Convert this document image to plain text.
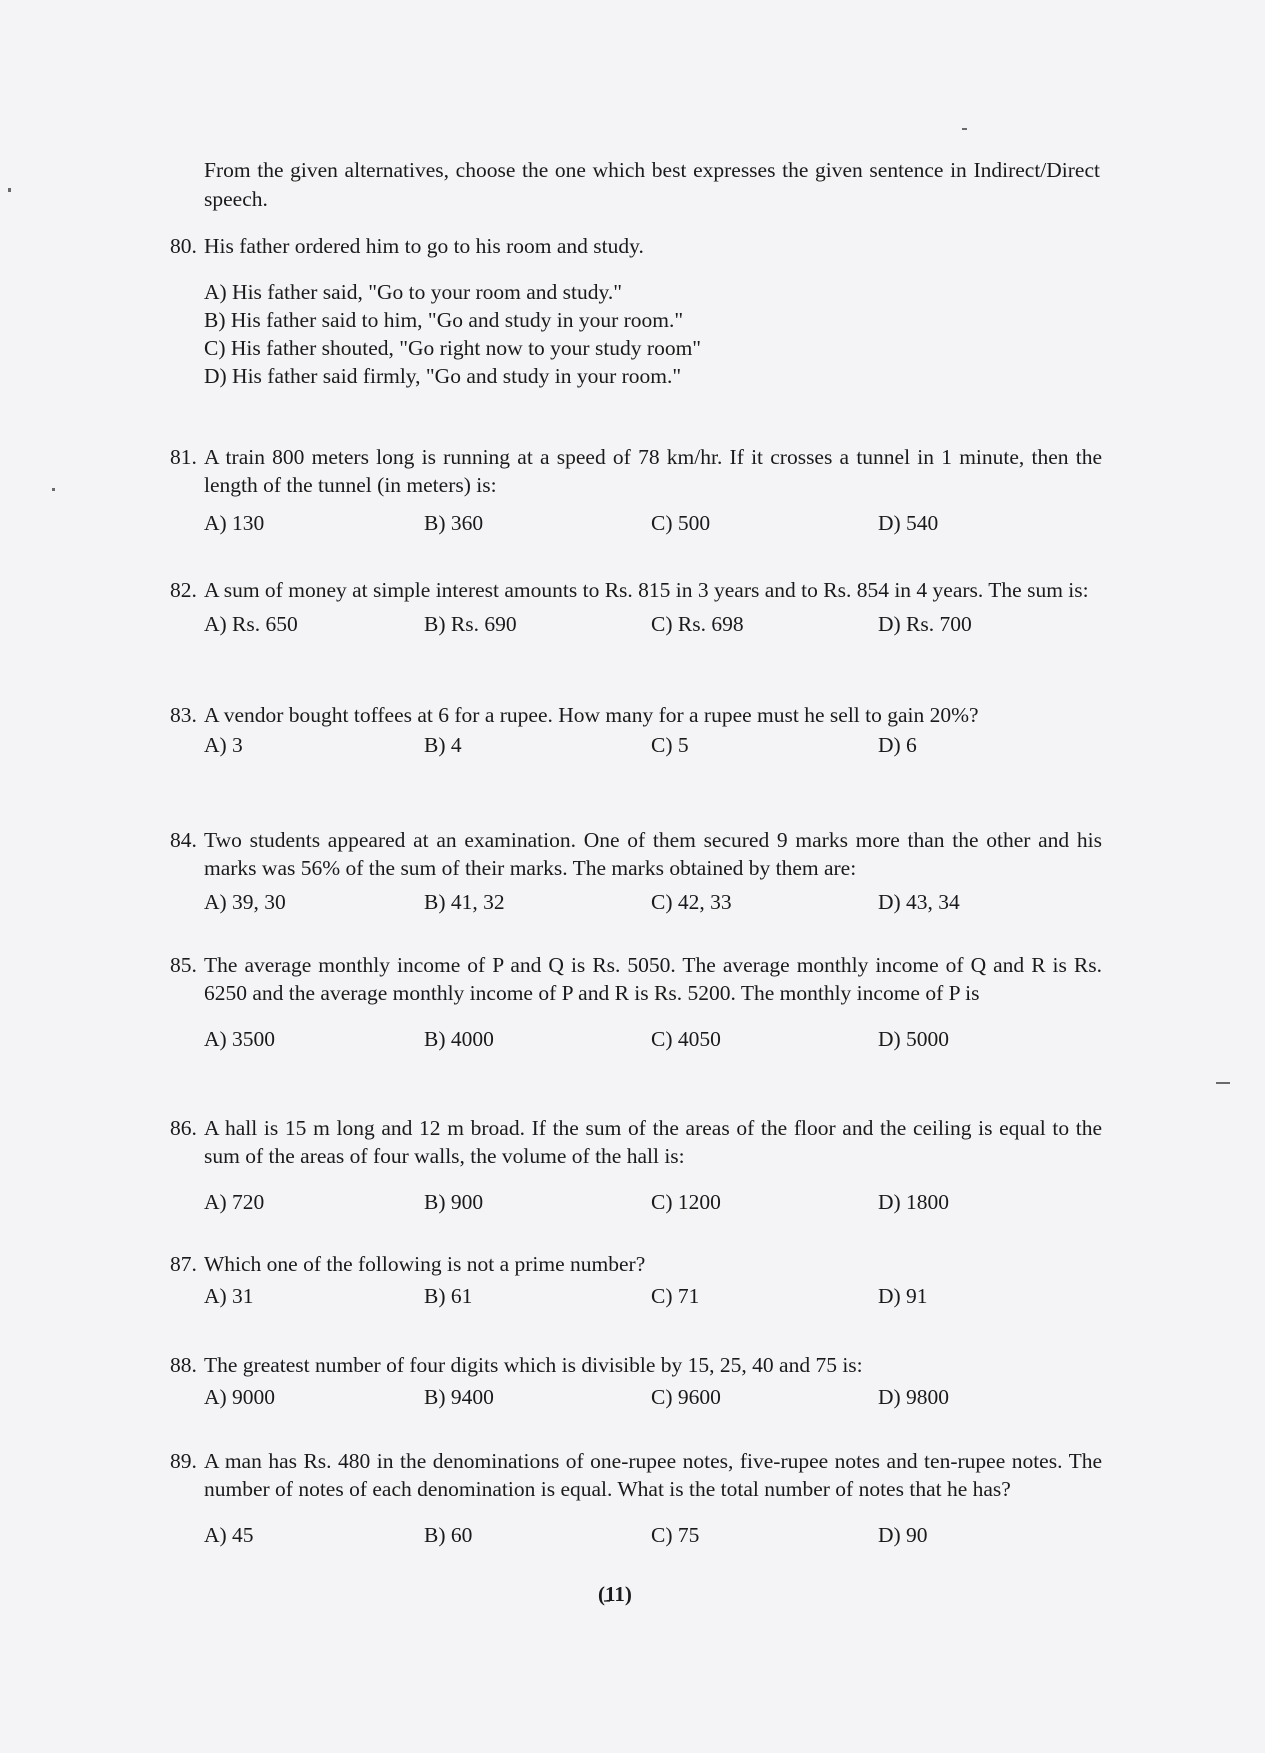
From the given alternatives, choose the one which best expresses the given sentence in Indirect/Direct speech.
80. His father ordered him to go to his room and study.
A) His father said, "Go to your room and study."
B) His father said to him, "Go and study in your room."
C) His father shouted, "Go right now to your study room"
D) His father said firmly, "Go and study in your room."
81. A train 800 meters long is running at a speed of 78 km/hr. If it crosses a tunnel in 1 minute, then the length of the tunnel (in meters) is:
A) 130	B) 360	C) 500	D) 540
82. A sum of money at simple interest amounts to Rs. 815 in 3 years and to Rs. 854 in 4 years. The sum is:
A) Rs. 650	B) Rs. 690	C) Rs. 698	D) Rs. 700
83. A vendor bought toffees at 6 for a rupee. How many for a rupee must he sell to gain 20%?
A) 3	B) 4	C) 5	D) 6
84. Two students appeared at an examination. One of them secured 9 marks more than the other and his marks was 56% of the sum of their marks. The marks obtained by them are:
A) 39, 30	B) 41, 32	C) 42, 33	D) 43, 34
85. The average monthly income of P and Q is Rs. 5050. The average monthly income of Q and R is Rs. 6250 and the average monthly income of P and R is Rs. 5200. The monthly income of P is
A) 3500	B) 4000	C) 4050	D) 5000
86. A hall is 15 m long and 12 m broad. If the sum of the areas of the floor and the ceiling is equal to the sum of the areas of four walls, the volume of the hall is:
A) 720	B) 900	C) 1200	D) 1800
87. Which one of the following is not a prime number?
A) 31	B) 61	C) 71	D) 91
88. The greatest number of four digits which is divisible by 15, 25, 40 and 75 is:
A) 9000	B) 9400	C) 9600	D) 9800
89. A man has Rs. 480 in the denominations of one-rupee notes, five-rupee notes and ten-rupee notes. The number of notes of each denomination is equal. What is the total number of notes that he has?
A) 45	B) 60	C) 75	D) 90
(11)
